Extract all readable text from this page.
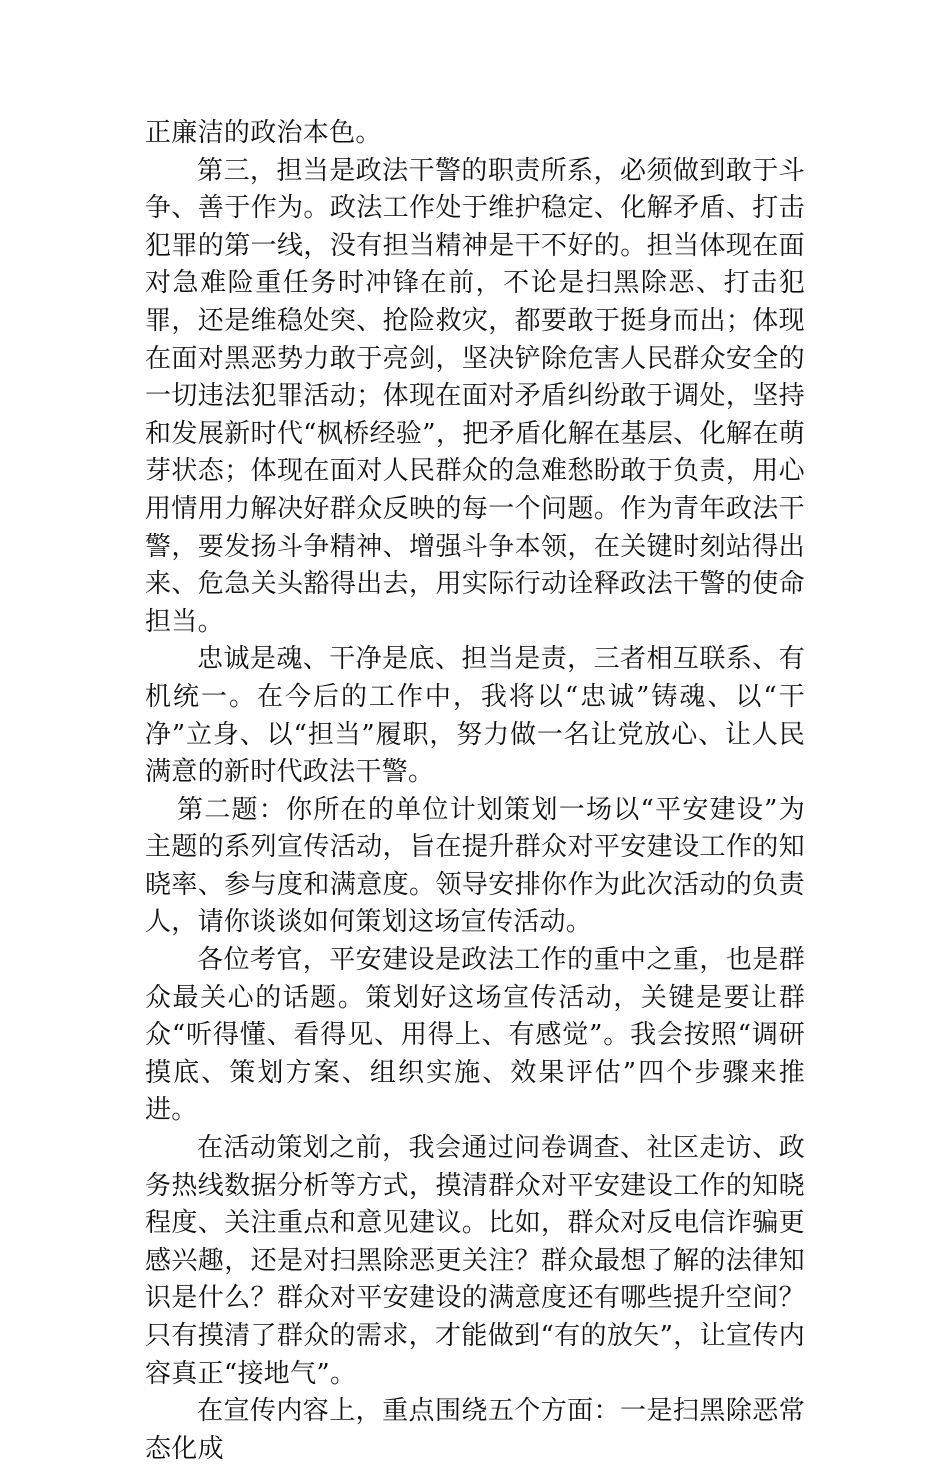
正廉洁的政治本色。

第三，担当是政法干警的职责所系，必须做到敢于斗争、善于作为。政法工作处于维护稳定、化解矛盾、打击犯罪的第一线，没有担当精神是干不好的。担当体现在面对急难险重任务时冲锋在前，不论是扫黑除恶、打击犯罪，还是维稳处突、抢险救灾，都要敢于挺身而出；体现在面对黑恶势力敢于亮剑，坚决铲除危害人民群众安全的一切违法犯罪活动；体现在面对矛盾纠纷敢于调处，坚持和发展新时代“枫桥经验”，把矛盾化解在基层、化解在萌芽状态；体现在面对人民群众的急难愁盼敢于负责，用心用情用力解决好群众反映的每一个问题。作为青年政法干警，要发扬斗争精神、增强斗争本领，在关键时刻站得出来、危急关头豁得出去，用实际行动诠释政法干警的使命担当。

忠诚是魂、干净是底、担当是责，三者相互联系、有机统一。在今后的工作中，我将以“忠诚”铸魂、以“干净”立身、以“担当”履职，努力做一名让党放心、让人民满意的新时代政法干警。

第二题：你所在的单位计划策划一场以“平安建设”为主题的系列宣传活动，旨在提升群众对平安建设工作的知晓率、参与度和满意度。领导安排你作为此次活动的负责人，请你谈谈如何策划这场宣传活动。

各位考官，平安建设是政法工作的重中之重，也是群众最关心的话题。策划好这场宣传活动，关键是要让群众“听得懂、看得见、用得上、有感觉”。我会按照“调研摸底、策划方案、组织实施、效果评估”四个步骤来推进。

在活动策划之前，我会通过问卷调查、社区走访、政务热线数据分析等方式，摸清群众对平安建设工作的知晓程度、关注重点和意见建议。比如，群众对反电信诈骗更感兴趣，还是对扫黑除恶更关注？群众最想了解的法律知识是什么？群众对平安建设的满意度还有哪些提升空间？只有摸清了群众的需求，才能做到“有的放矢”，让宣传内容真正“接地气”。

在宣传内容上，重点围绕五个方面：一是扫黑除恶常态化成
